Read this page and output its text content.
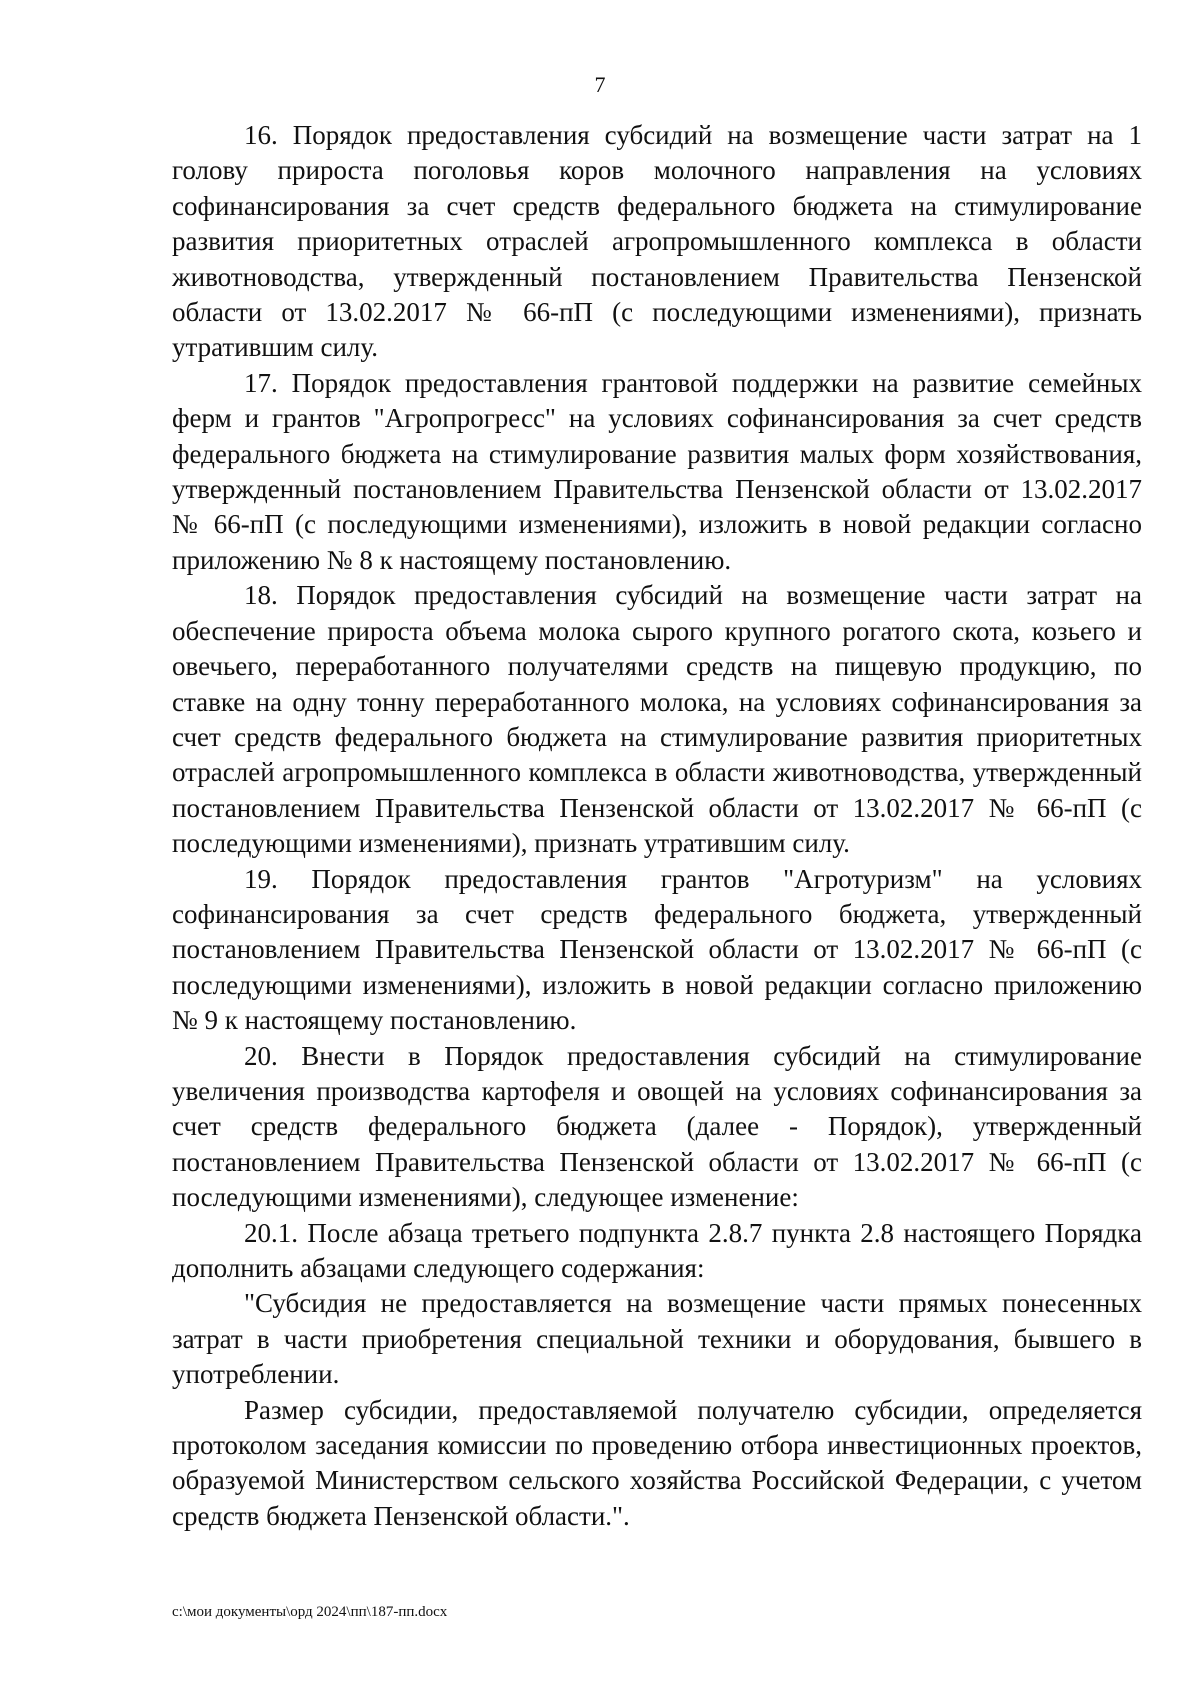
7

16. Порядок предоставления субсидий на возмещение части затрат на 1 голову прироста поголовья коров молочного направления на условиях софинансирования за счет средств федерального бюджета на стимулирование развития приоритетных отраслей агропромышленного комплекса в области животноводства, утвержденный постановлением Правительства Пензенской области от 13.02.2017 № 66-пП (с последующими изменениями), признать утратившим силу.

17. Порядок предоставления грантовой поддержки на развитие семейных ферм и грантов "Агропрогресс" на условиях софинансирования за счет средств федерального бюджета на стимулирование развития малых форм хозяйствования, утвержденный постановлением Правительства Пензенской области от 13.02.2017 № 66-пП (с последующими изменениями), изложить в новой редакции согласно приложению № 8 к настоящему постановлению.

18. Порядок предоставления субсидий на возмещение части затрат на обеспечение прироста объема молока сырого крупного рогатого скота, козьего и овечьего, переработанного получателями средств на пищевую продукцию, по ставке на одну тонну переработанного молока, на условиях софинансирования за счет средств федерального бюджета на стимулирование развития приоритетных отраслей агропромышленного комплекса в области животноводства, утвержденный постановлением Правительства Пензенской области от 13.02.2017 № 66-пП (с последующими изменениями), признать утратившим силу.

19. Порядок предоставления грантов "Агротуризм" на условиях софинансирования за счет средств федерального бюджета, утвержденный постановлением Правительства Пензенской области от 13.02.2017 № 66-пП (с последующими изменениями), изложить в новой редакции согласно приложению № 9 к настоящему постановлению.

20. Внести в Порядок предоставления субсидий на стимулирование увеличения производства картофеля и овощей на условиях софинансирования за счет средств федерального бюджета (далее - Порядок), утвержденный постановлением Правительства Пензенской области от 13.02.2017 № 66-пП (с последующими изменениями), следующее изменение:

20.1. После абзаца третьего подпункта 2.8.7 пункта 2.8 настоящего Порядка дополнить абзацами следующего содержания:

"Субсидия не предоставляется на возмещение части прямых понесенных затрат в части приобретения специальной техники и оборудования, бывшего в употреблении.

Размер субсидии, предоставляемой получателю субсидии, определяется протоколом заседания комиссии по проведению отбора инвестиционных проектов, образуемой Министерством сельского хозяйства Российской Федерации, с учетом средств бюджета Пензенской области.".

c:\мои документы\орд 2024\пп\187-пп.docx
